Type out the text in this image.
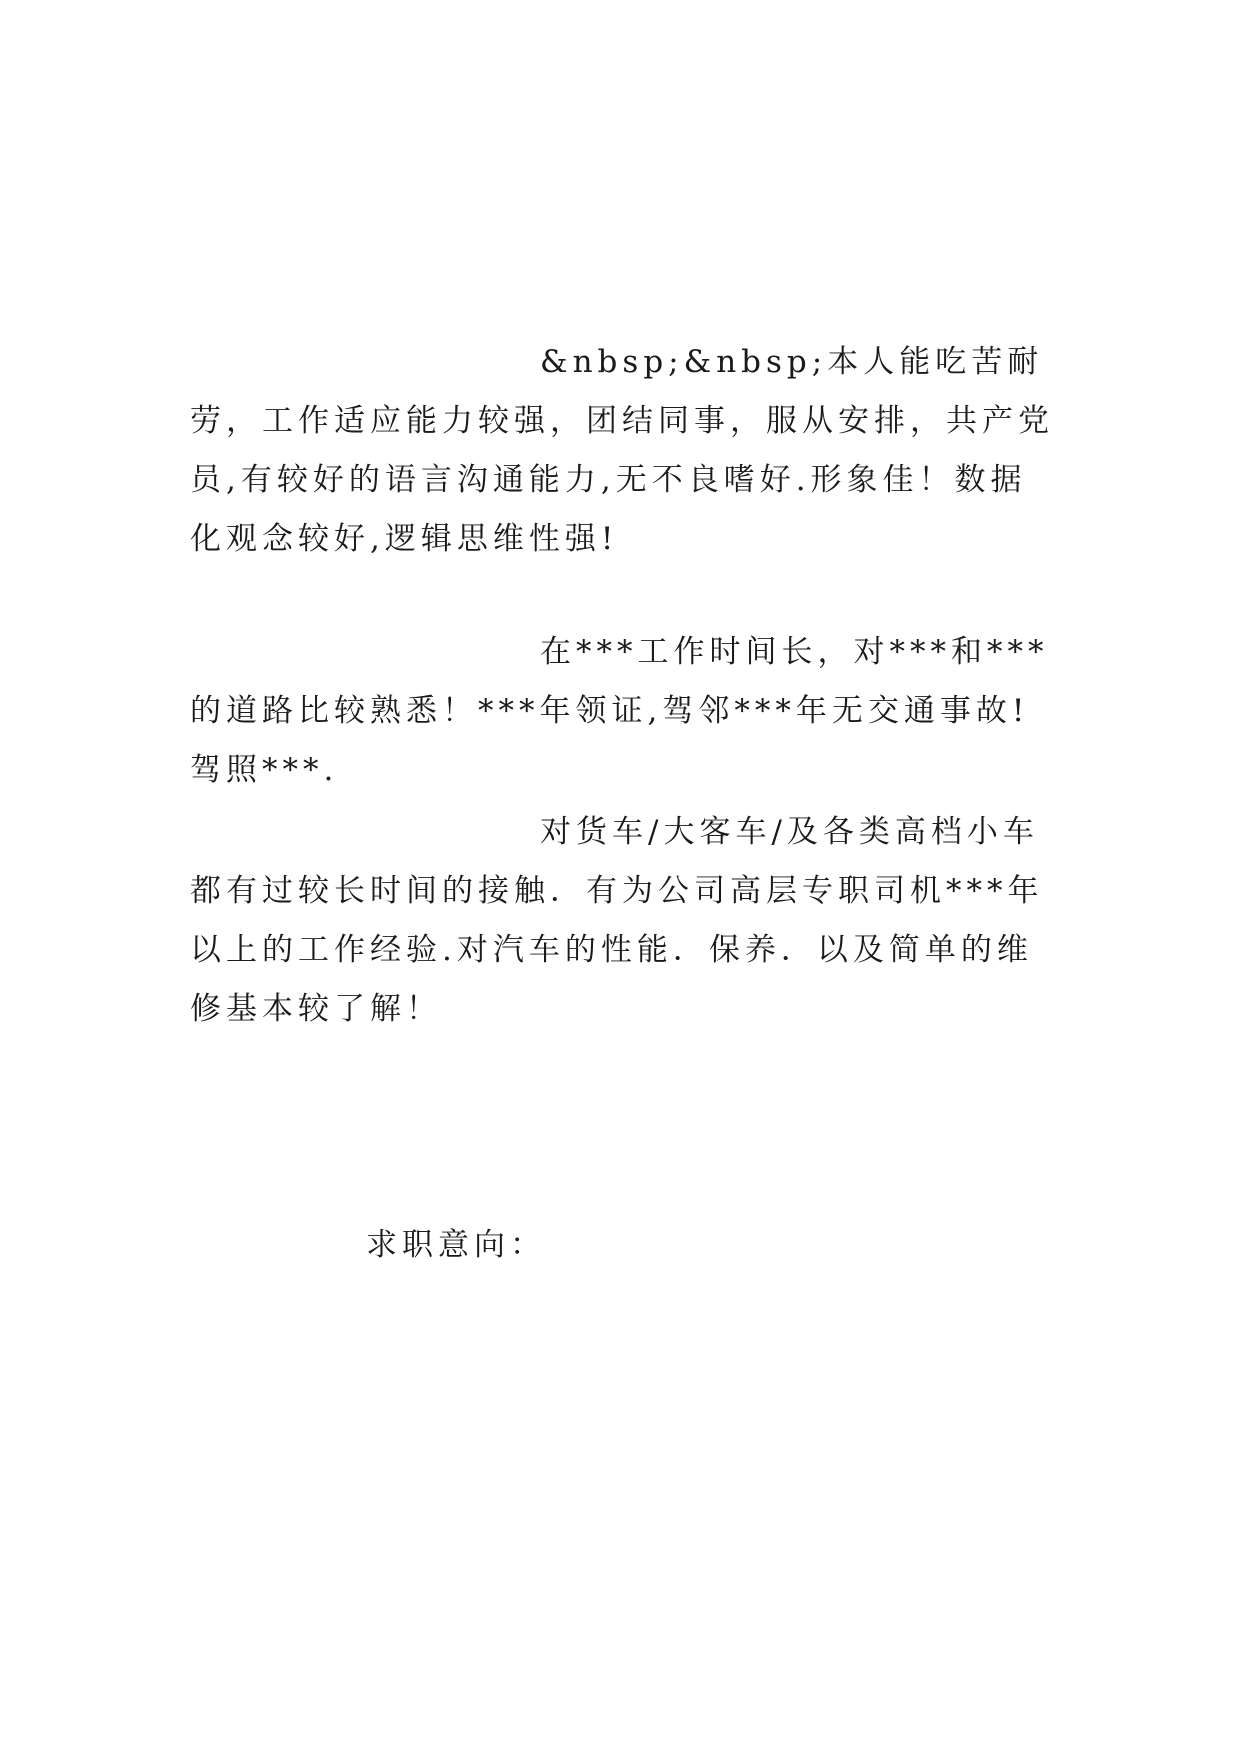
&nbsp;&nbsp;本人能吃苦耐劳，工作适应能力较强，团结同事，服从安排，共产党员,有较好的语言沟通能力,无不良嗜好.形象佳！数据化观念较好,逻辑思维性强!

在***工作时间长，对***和***的道路比较熟悉！***年领证,驾邻***年无交通事故!驾照***.

对货车/大客车/及各类高档小车都有过较长时间的接触．有为公司高层专职司机***年以上的工作经验.对汽车的性能．保养．以及简单的维修基本较了解！

求职意向：
